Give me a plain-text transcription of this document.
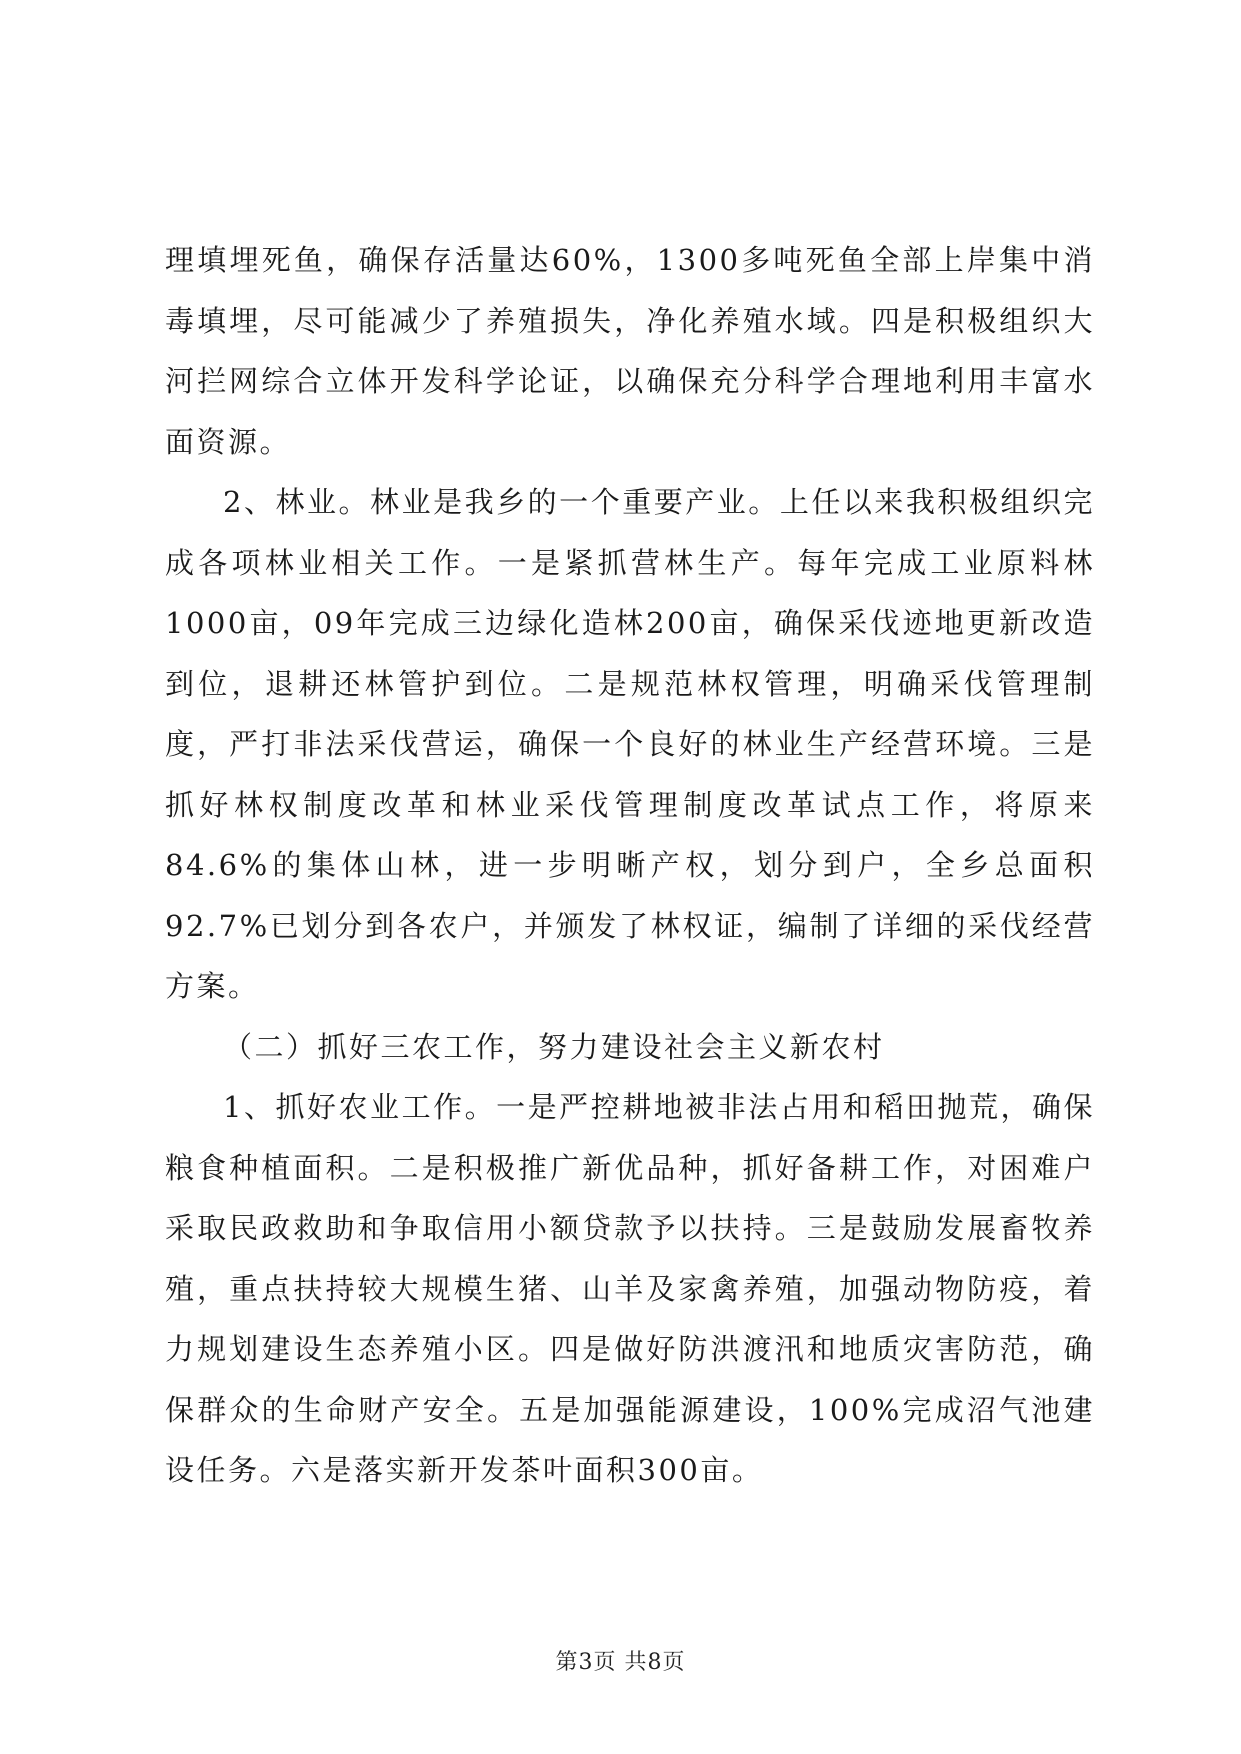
理填埋死鱼，确保存活量达60%，1300多吨死鱼全部上岸集中消毒填埋，尽可能减少了养殖损失，净化养殖水域。四是积极组织大河拦网综合立体开发科学论证，以确保充分科学合理地利用丰富水面资源。

2、林业。林业是我乡的一个重要产业。上任以来我积极组织完成各项林业相关工作。一是紧抓营林生产。每年完成工业原料林1000亩，09年完成三边绿化造林200亩，确保采伐迹地更新改造到位，退耕还林管护到位。二是规范林权管理，明确采伐管理制度，严打非法采伐营运，确保一个良好的林业生产经营环境。三是抓好林权制度改革和林业采伐管理制度改革试点工作，将原来84.6%的集体山林，进一步明晰产权，划分到户，全乡总面积92.7%已划分到各农户，并颁发了林权证，编制了详细的采伐经营方案。

（二）抓好三农工作，努力建设社会主义新农村

1、抓好农业工作。一是严控耕地被非法占用和稻田抛荒，确保粮食种植面积。二是积极推广新优品种，抓好备耕工作，对困难户采取民政救助和争取信用小额贷款予以扶持。三是鼓励发展畜牧养殖，重点扶持较大规模生猪、山羊及家禽养殖，加强动物防疫，着力规划建设生态养殖小区。四是做好防洪渡汛和地质灾害防范，确保群众的生命财产安全。五是加强能源建设，100%完成沼气池建设任务。六是落实新开发茶叶面积300亩。

第3页 共8页
